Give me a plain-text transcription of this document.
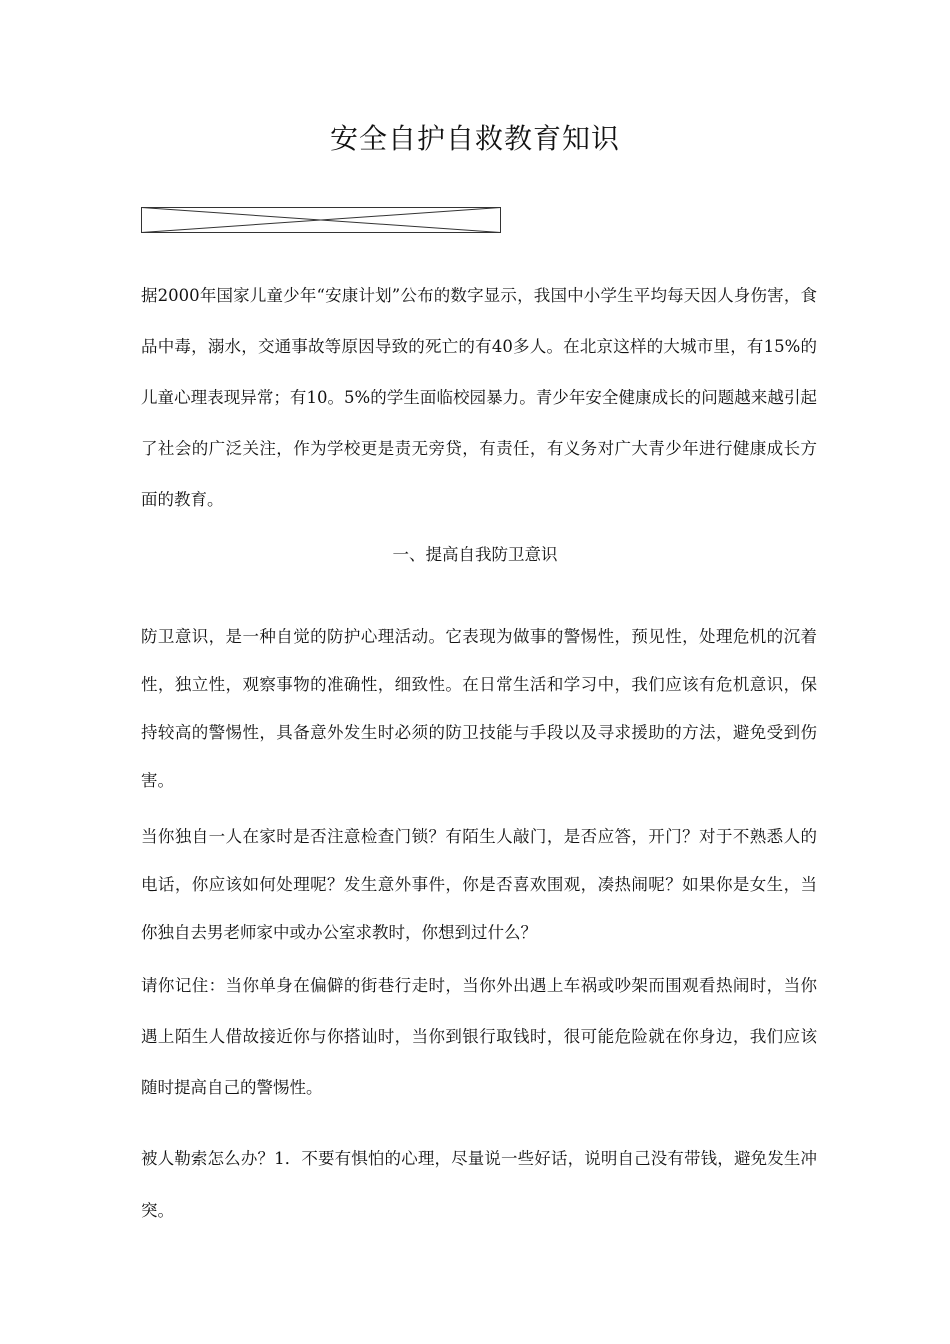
安全自护自救教育知识

据2000年国家儿童少年“安康计划”公布的数字显示，我国中小学生平均每天因人身伤害，食品中毒，溺水，交通事故等原因导致的死亡的有40多人。在北京这样的大城市里，有15%的儿童心理表现异常；有10。5%的学生面临校园暴力。青少年安全健康成长的问题越来越引起了社会的广泛关注，作为学校更是责无旁贷，有责任，有义务对广大青少年进行健康成长方面的教育。

一、提高自我防卫意识

防卫意识，是一种自觉的防护心理活动。它表现为做事的警惕性，预见性，处理危机的沉着性，独立性，观察事物的准确性，细致性。在日常生活和学习中，我们应该有危机意识，保持较高的警惕性，具备意外发生时必须的防卫技能与手段以及寻求援助的方法，避免受到伤害。

当你独自一人在家时是否注意检查门锁？有陌生人敲门，是否应答，开门？对于不熟悉人的电话，你应该如何处理呢？发生意外事件，你是否喜欢围观，凑热闹呢？如果你是女生，当你独自去男老师家中或办公室求教时，你想到过什么？

请你记住：当你单身在偏僻的街巷行走时，当你外出遇上车祸或吵架而围观看热闹时，当你遇上陌生人借故接近你与你搭讪时，当你到银行取钱时，很可能危险就在你身边，我们应该随时提高自己的警惕性。

被人勒索怎么办？1．不要有惧怕的心理，尽量说一些好话，说明自己没有带钱，避免发生冲突。
